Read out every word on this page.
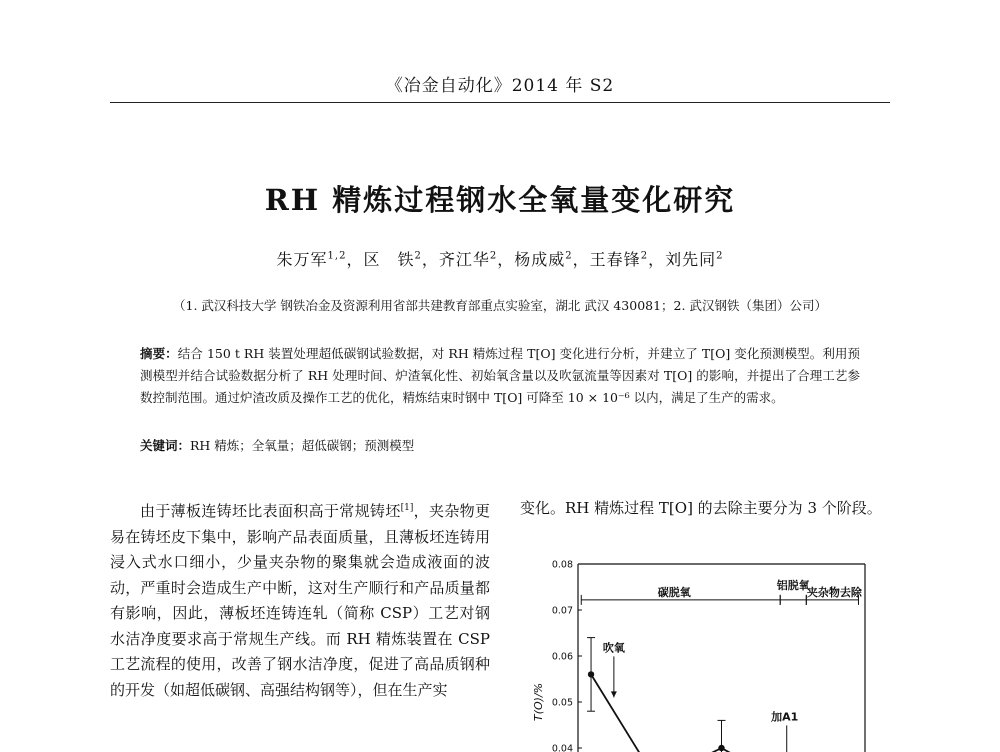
《冶金自动化》2014 年 S2
RH 精炼过程钢水全氧量变化研究
朱万军$^{1,2}$，区　铁$^2$，齐江华$^2$，杨成威$^2$，王春锋$^2$，刘先同$^2$
（1. 武汉科技大学 钢铁冶金及资源利用省部共建教育部重点实验室，湖北 武汉 430081；2. 武汉钢铁（集团）公司）
摘要：结合 150 t RH 装置处理超低碳钢试验数据，对 RH 精炼过程 T[O] 变化进行分析，并建立了 T[O] 变化预测模型。利用预测模型并结合试验数据分析了 RH 处理时间、炉渣氧化性、初始氧含量以及吹氩流量等因素对 T[O] 的影响，并提出了合理工艺参数控制范围。通过炉渣改质及操作工艺的优化，精炼结束时钢中 T[O] 可降至 10 × 10⁻⁶ 以内，满足了生产的需求。
关键词：RH 精炼；全氧量；超低碳钢；预测模型

由于薄板连铸坯比表面积高于常规铸坯[1]，夹杂物更易在铸坯皮下集中，影响产品表面质量，且薄板坯连铸用浸入式水口细小，少量夹杂物的聚集就会造成液面的波动，严重时会造成生产中断，这对生产顺行和产品质量都有影响，因此，薄板坯连铸连轧（简称 CSP）工艺对钢水洁净度要求高于常规生产线。而 RH 精炼装置在 CSP 工艺流程的使用，改善了钢水洁净度，促进了高品质钢种的开发（如超低碳钢、高强结构钢等），但在生产实

变化。RH 精炼过程 T[O] 的去除主要分为 3 个阶段。

0.04
0.05
0.06
0.07
0.08
T(O)/%
碳脱氧
铝脱氧
夹杂物去除
吹氧
加A1
